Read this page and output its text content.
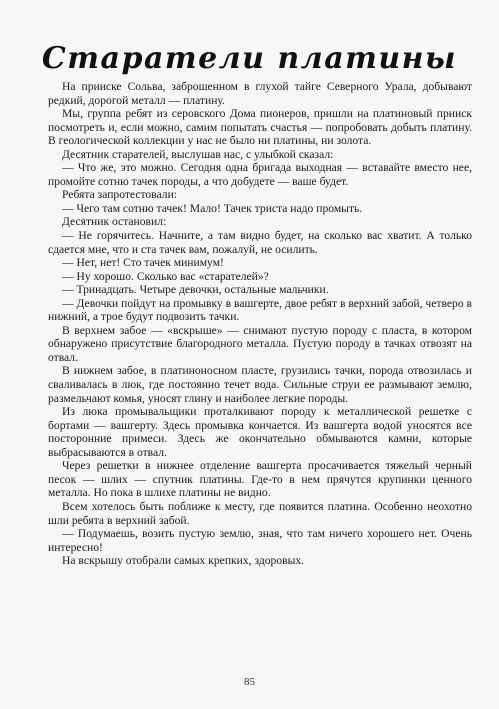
Старатели платины

На прииске Сольва, заброшенном в глухой тайге Северного Урала, добывают редкий, дорогой металл — платину.

Мы, группа ребят из серовского Дома пионеров, пришли на платиновый прииск посмотреть и, если можно, самим попытать счастья — попробовать добыть платину. В геологической коллекции у нас не было ни платины, ни золота.

Десятник старателей, выслушав нас, с улыбкой сказал:

— Что же, это можно. Сегодня одна бригада выходная — вставайте вместо нее, промойте сотню тачек породы, а что добудете — ваше будет.

Ребята запротестовали:

— Чего там сотню тачек! Мало! Тачек триста надо промыть.

Десятник остановил:

— Не горячитесь. Начните, а там видно будет, на сколько вас хватит. А только сдается мне, что и ста тачек вам, пожалуй, не осилить.

— Нет, нет! Сто тачек минимум!

— Ну хорошо. Сколько вас «старателей»?

— Тринадцать. Четыре девочки, остальные мальчики.

— Девочки пойдут на промывку в вашгерте, двое ребят в верхний забой, четверо в нижний, а трое будут подвозить тачки.

В верхнем забое — «вскрыше» — снимают пустую породу с пласта, в котором обнаружено присутствие благородного металла. Пустую породу в тачках отвозят на отвал.

В нижнем забое, в платиноносном пласте, грузились тачки, порода отвозилась и сваливалась в люк, где постоянно течет вода. Сильные струи ее размывают землю, размельчают комья, уносят глину и наиболее легкие породы.

Из люка промывальщики проталкивают породу к металлической решетке с бортами — вашгерту. Здесь промывка кончается. Из вашгерта водой уносятся все посторонние примеси. Здесь же окончательно обмываются камни, которые выбрасываются в отвал.

Через решетки в нижнее отделение вашгерта просачивается тяжелый черный песок — шлих — спутник платины. Где-то в нем прячутся крупинки ценного металла. Но пока в шлихе платины не видно.

Всем хотелось быть поближе к месту, где появится платина. Особенно неохотно шли ребята в верхний забой.

— Подумаешь, возить пустую землю, зная, что там ничего хорошего нет. Очень интересно!

На вскрышу отобрали самых крепких, здоровых.

85
